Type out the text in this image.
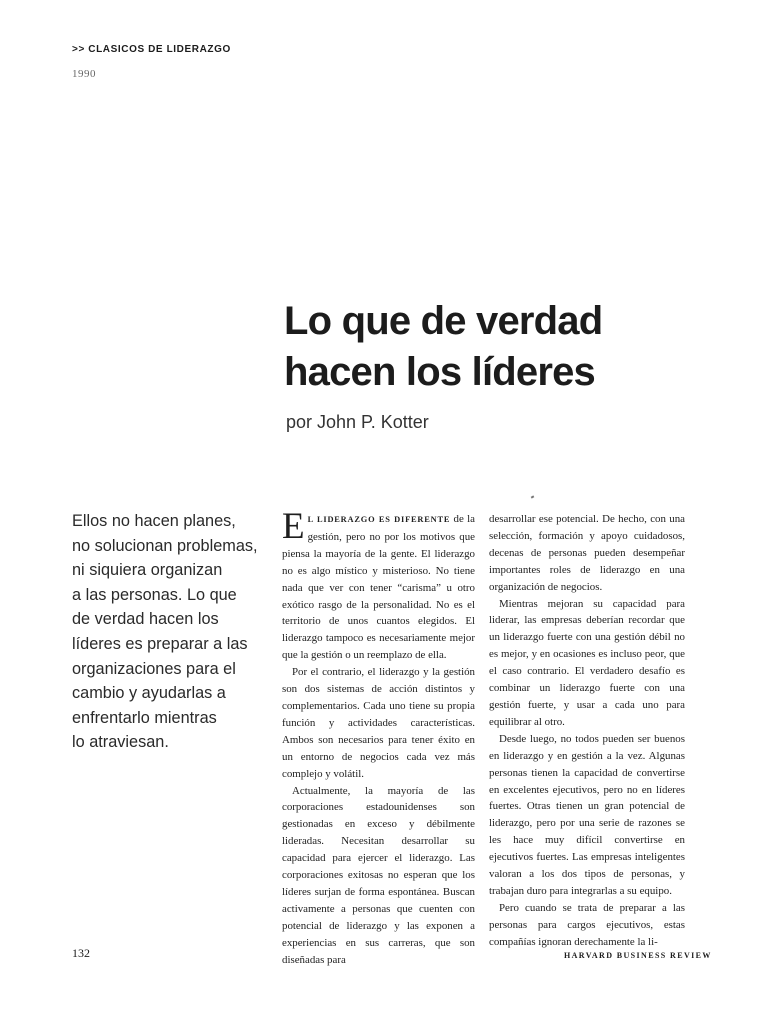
>> CLASICOS DE LIDERAZGO
1990
Lo que de verdad
hacen los líderes
por John P. Kotter
Ellos no hacen planes,
no solucionan problemas,
ni siquiera organizan
a las personas. Lo que
de verdad hacen los
líderes es preparar a las
organizaciones para el
cambio y ayudarlas a
enfrentarlo mientras
lo atraviesan.

E L LIDERAZGO ES DIFERENTE de la gestión, pero no por los motivos que piensa la mayoría de la gente. El liderazgo no es algo místico y misterioso. No tiene nada que ver con tener “carisma” u otro exótico rasgo de la personalidad. No es el territorio de unos cuantos elegidos. El liderazgo tampoco es necesariamente mejor que la gestión o un reemplazo de ella.

Por el contrario, el liderazgo y la gestión son dos sistemas de acción distintos y complementarios. Cada uno tiene su propia función y actividades características. Ambos son necesarios para tener éxito en un entorno de negocios cada vez más complejo y volátil.

Actualmente, la mayoría de las corporaciones estadounidenses son gestionadas en exceso y débilmente lideradas. Necesitan desarrollar su capacidad para ejercer el liderazgo. Las corporaciones exitosas no esperan que los líderes surjan de forma espontánea. Buscan activamente a personas que cuenten con potencial de liderazgo y las exponen a experiencias en sus carreras, que son diseñadas para

desarrollar ese potencial. De hecho, con una selección, formación y apoyo cuidadosos, decenas de personas pueden desempeñar importantes roles de liderazgo en una organización de negocios.

Mientras mejoran su capacidad para liderar, las empresas deberían recordar que un liderazgo fuerte con una gestión débil no es mejor, y en ocasiones es incluso peor, que el caso contrario. El verdadero desafío es combinar un liderazgo fuerte con una gestión fuerte, y usar a cada uno para equilibrar al otro.

Desde luego, no todos pueden ser buenos en liderazgo y en gestión a la vez. Algunas personas tienen la capacidad de convertirse en excelentes ejecutivos, pero no en líderes fuertes. Otras tienen un gran potencial de liderazgo, pero por una serie de razones se les hace muy difícil convertirse en ejecutivos fuertes. Las empresas inteligentes valoran a los dos tipos de personas, y trabajan duro para integrarlas a su equipo.

Pero cuando se trata de preparar a las personas para cargos ejecutivos, estas compañías ignoran derechamente la li-

132	HARVARD BUSINESS REVIEW
